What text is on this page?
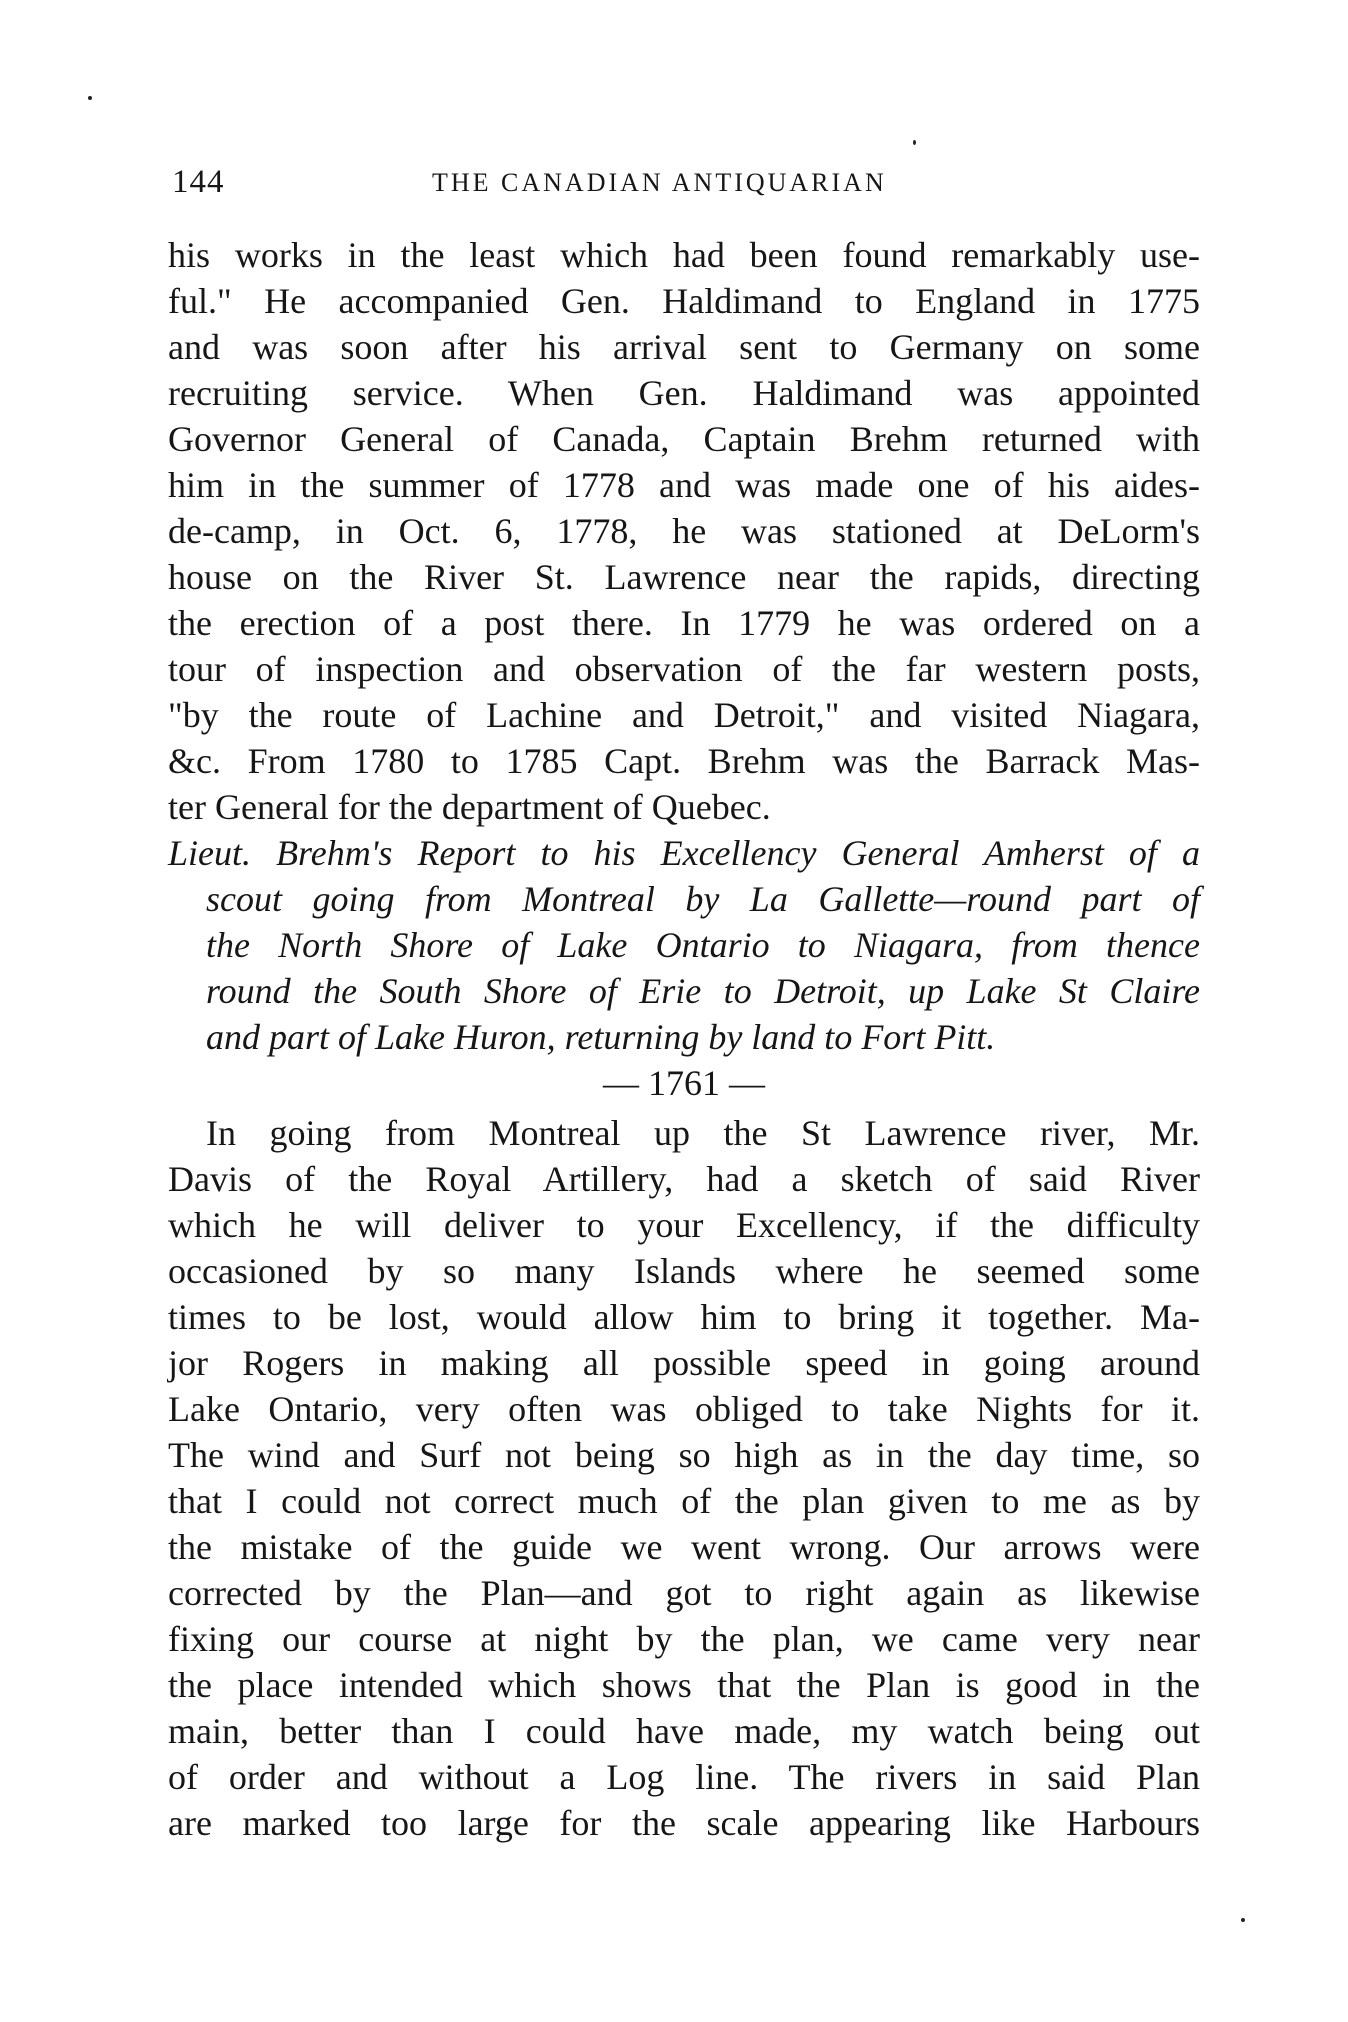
144	THE CANADIAN ANTIQUARIAN
his works in the least which had been found remarkably use-
ful." He accompanied Gen. Haldimand to England in 1775
and was soon after his arrival sent to Germany on some
recruiting service. When Gen. Haldimand was appointed
Governor General of Canada, Captain Brehm returned with
him in the summer of 1778 and was made one of his aides-
de-camp, in Oct. 6, 1778, he was stationed at DeLorm's
house on the River St. Lawrence near the rapids, directing
the erection of a post there. In 1779 he was ordered on a
tour of inspection and observation of the far western posts,
"by the route of Lachine and Detroit," and visited Niagara,
&c. From 1780 to 1785 Capt. Brehm was the Barrack Mas-
ter General for the department of Quebec.
Lieut. Brehm's Report to his Excellency General Amherst of a
scout going from Montreal by La Gallette—round part of
the North Shore of Lake Ontario to Niagara, from thence
round the South Shore of Erie to Detroit, up Lake St Claire
and part of Lake Huron, returning by land to Fort Pitt.
— 1761 —
In going from Montreal up the St Lawrence river, Mr.
Davis of the Royal Artillery, had a sketch of said River
which he will deliver to your Excellency, if the difficulty
occasioned by so many Islands where he seemed some
times to be lost, would allow him to bring it together. Ma-
jor Rogers in making all possible speed in going around
Lake Ontario, very often was obliged to take Nights for it.
The wind and Surf not being so high as in the day time, so
that I could not correct much of the plan given to me as by
the mistake of the guide we went wrong. Our arrows were
corrected by the Plan—and got to right again as likewise
fixing our course at night by the plan, we came very near
the place intended which shows that the Plan is good in the
main, better than I could have made, my watch being out
of order and without a Log line. The rivers in said Plan
are marked too large for the scale appearing like Harbours
